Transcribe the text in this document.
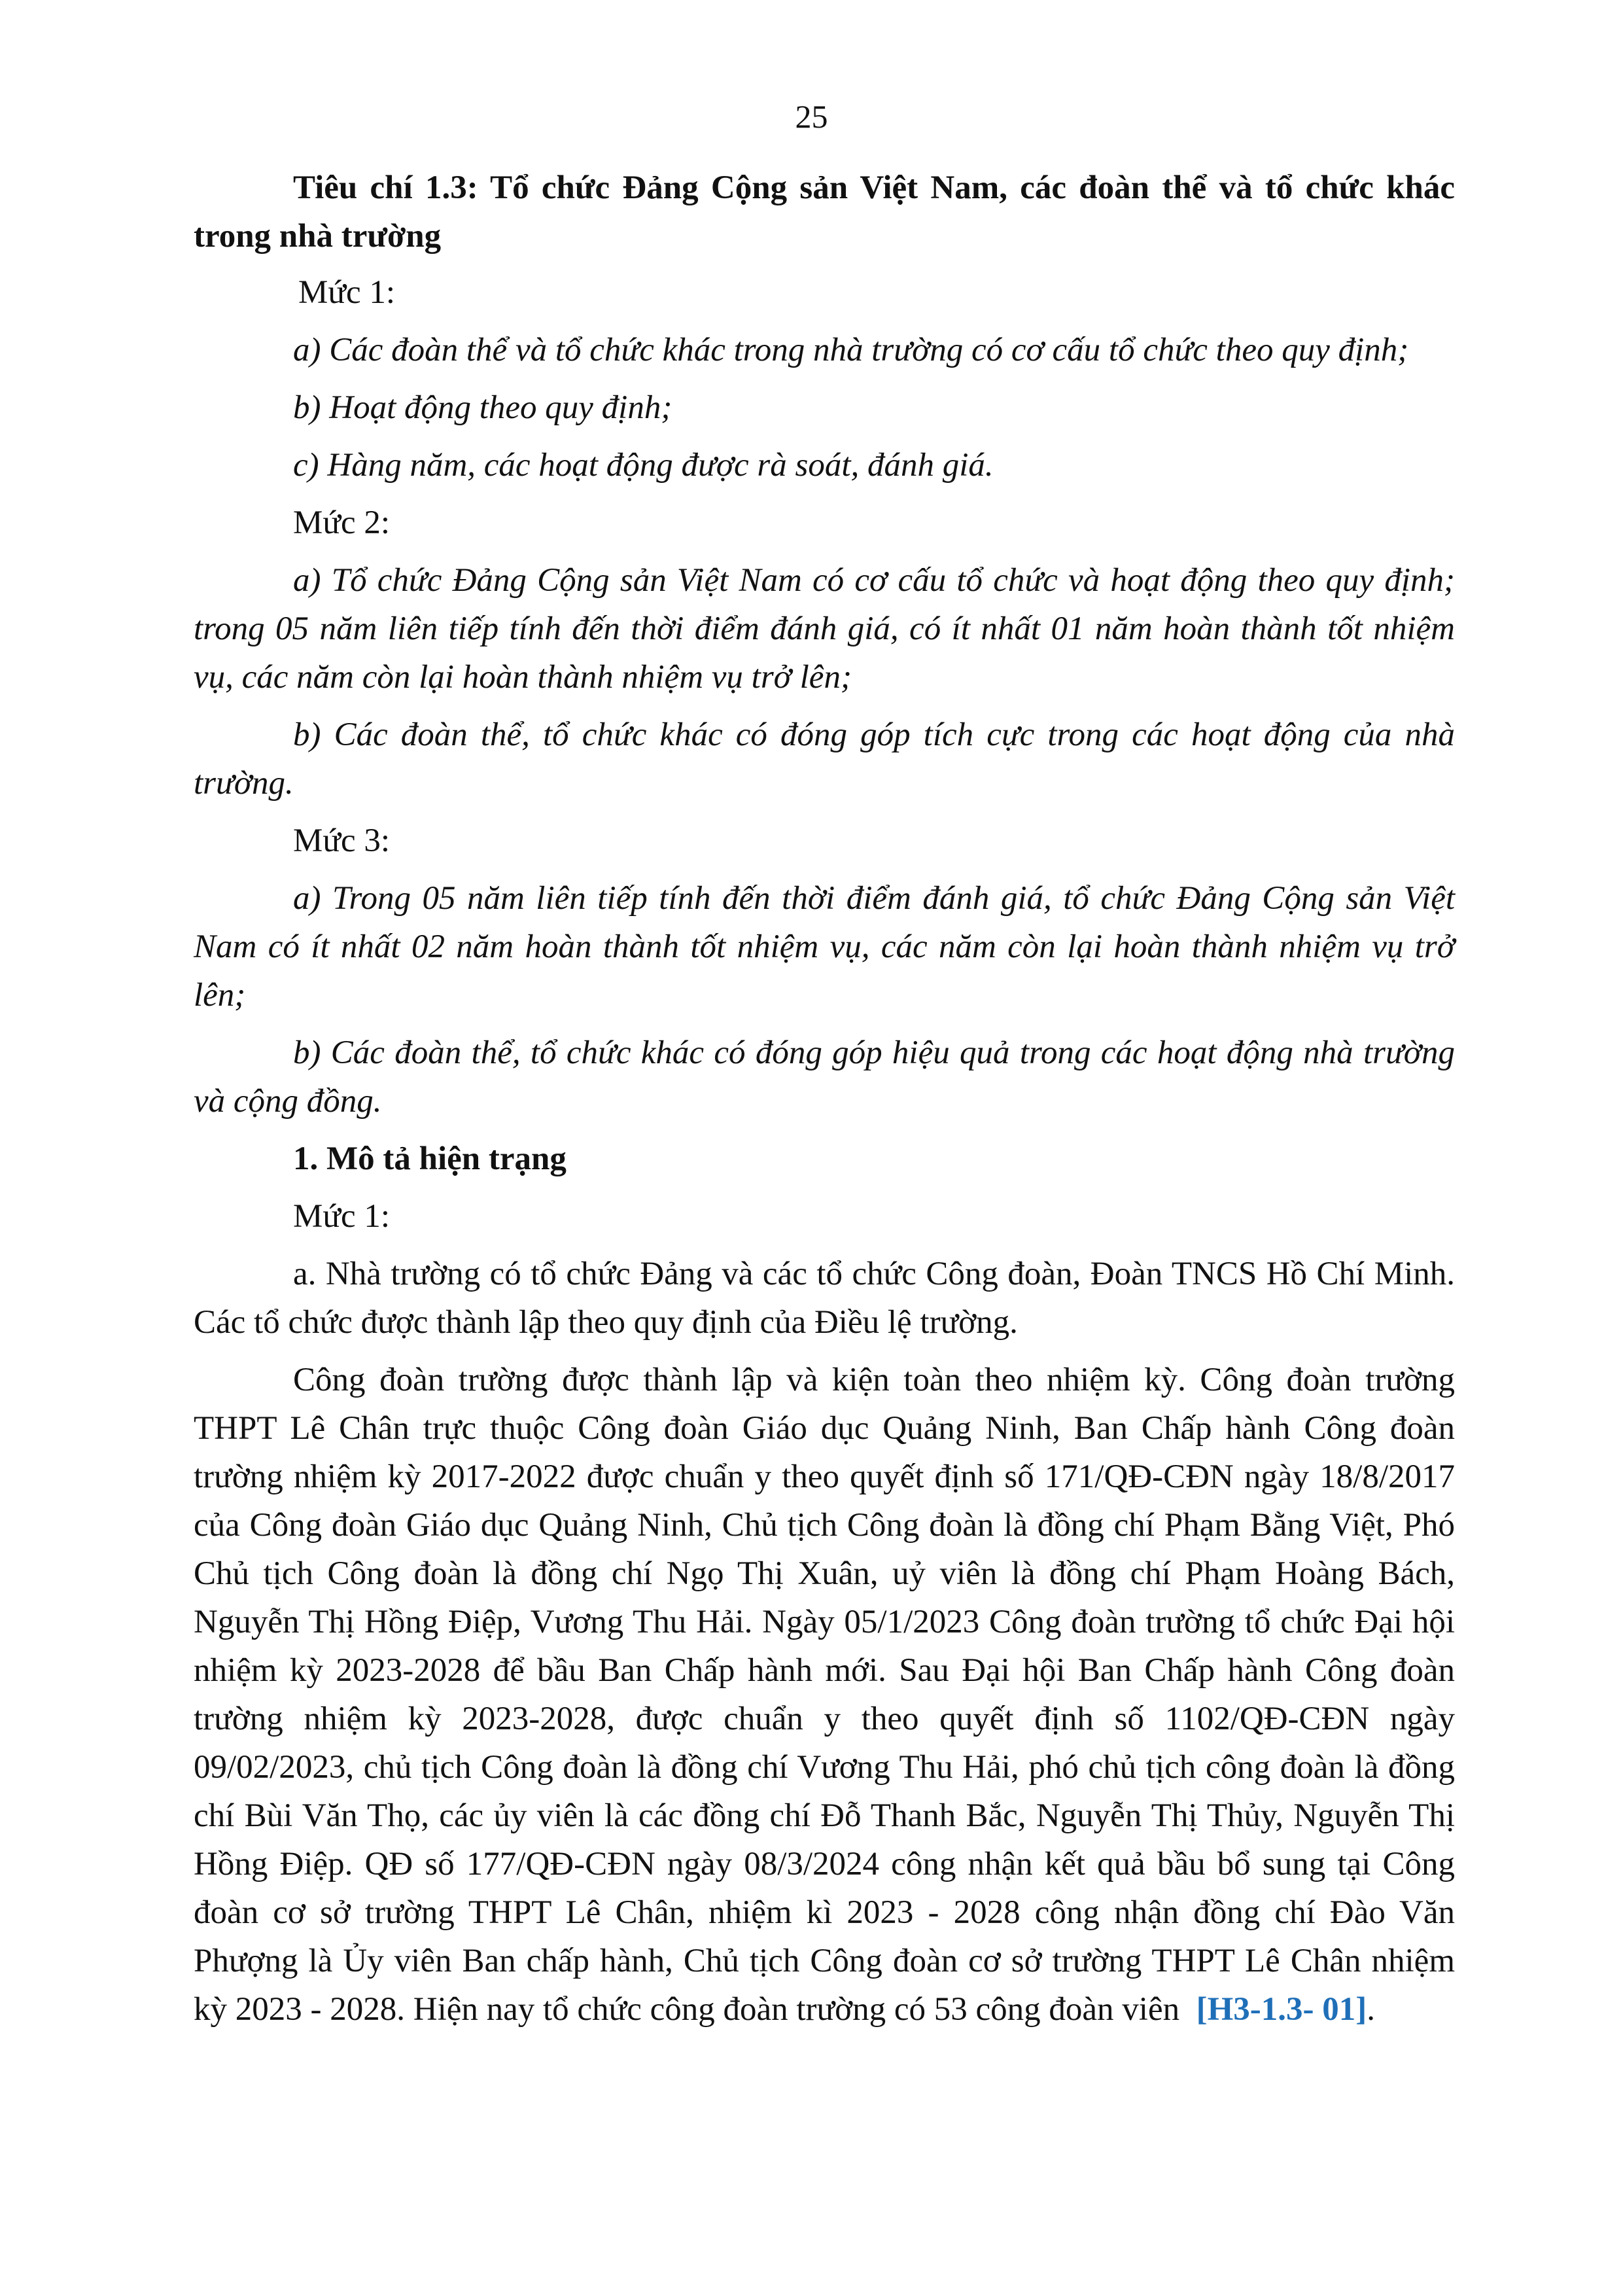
25

Tiêu chí 1.3: Tổ chức Đảng Cộng sản Việt Nam, các đoàn thể và tổ chức khác trong nhà trường

Mức 1:

a) Các đoàn thể và tổ chức khác trong nhà trường có cơ cấu tổ chức theo quy định;

b) Hoạt động theo quy định;

c) Hàng năm, các hoạt động được rà soát, đánh giá.

Mức 2:

a) Tổ chức Đảng Cộng sản Việt Nam có cơ cấu tổ chức và hoạt động theo quy định; trong 05 năm liên tiếp tính đến thời điểm đánh giá, có ít nhất 01 năm hoàn thành tốt nhiệm vụ, các năm còn lại hoàn thành nhiệm vụ trở lên;

b) Các đoàn thể, tổ chức khác có đóng góp tích cực trong các hoạt động của nhà trường.

Mức 3:

a) Trong 05 năm liên tiếp tính đến thời điểm đánh giá, tổ chức Đảng Cộng sản Việt Nam có ít nhất 02 năm hoàn thành tốt nhiệm vụ, các năm còn lại hoàn thành nhiệm vụ trở lên;

b) Các đoàn thể, tổ chức khác có đóng góp hiệu quả trong các hoạt động nhà trường và cộng đồng.

1. Mô tả hiện trạng

Mức 1:

a. Nhà trường có tổ chức Đảng và các tổ chức Công đoàn, Đoàn TNCS Hồ Chí Minh. Các tổ chức được thành lập theo quy định của Điều lệ trường.

Công đoàn trường được thành lập và kiện toàn theo nhiệm kỳ. Công đoàn trường THPT Lê Chân trực thuộc Công đoàn Giáo dục Quảng Ninh, Ban Chấp hành Công đoàn trường nhiệm kỳ 2017-2022 được chuẩn y theo quyết định số 171/QĐ-CĐN ngày 18/8/2017 của Công đoàn Giáo dục Quảng Ninh, Chủ tịch Công đoàn là đồng chí Phạm Bằng Việt, Phó Chủ tịch Công đoàn là đồng chí Ngọ Thị Xuân, uỷ viên là đồng chí Phạm Hoàng Bách, Nguyễn Thị Hồng Điệp, Vương Thu Hải. Ngày 05/1/2023 Công đoàn trường tổ chức Đại hội nhiệm kỳ 2023-2028 để bầu Ban Chấp hành mới. Sau Đại hội Ban Chấp hành Công đoàn trường nhiệm kỳ 2023-2028, được chuẩn y theo quyết định số 1102/QĐ-CĐN ngày 09/02/2023, chủ tịch Công đoàn là đồng chí Vương Thu Hải, phó chủ tịch công đoàn là đồng chí Bùi Văn Thọ, các ủy viên là các đồng chí Đỗ Thanh Bắc, Nguyễn Thị Thủy, Nguyễn Thị Hồng Điệp. QĐ số 177/QĐ-CĐN ngày 08/3/2024 công nhận kết quả bầu bổ sung tại Công đoàn cơ sở trường THPT Lê Chân, nhiệm kì 2023 - 2028 công nhận đồng chí Đào Văn Phượng là Ủy viên Ban chấp hành, Chủ tịch Công đoàn cơ sở trường THPT Lê Chân nhiệm kỳ 2023 - 2028. Hiện nay tổ chức công đoàn trường có 53 công đoàn viên [H3-1.3- 01].
